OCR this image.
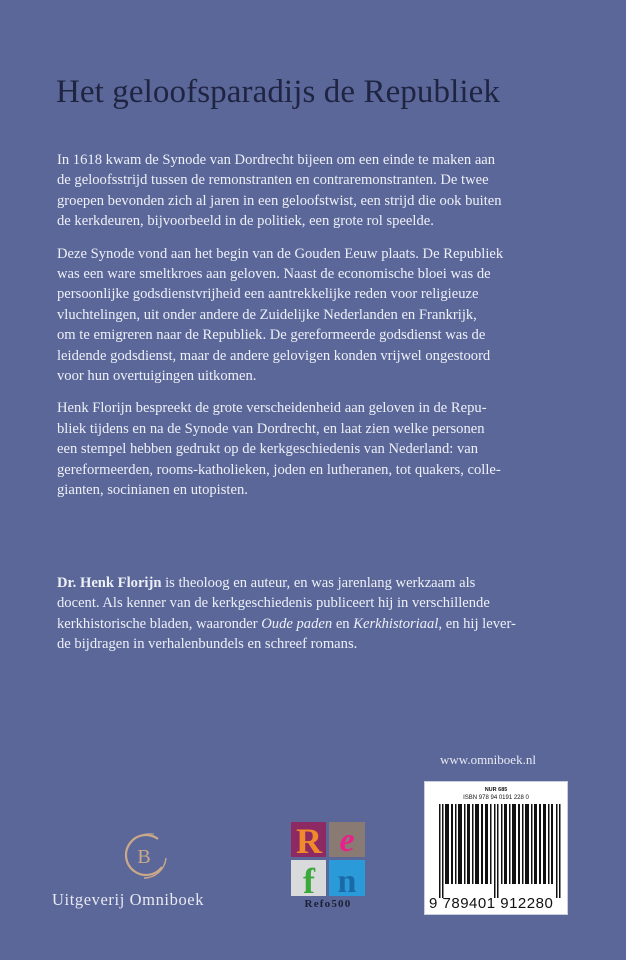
Het geloofsparadijs de Republiek

In 1618 kwam de Synode van Dordrecht bijeen om een einde te maken aan
de geloofsstrijd tussen de remonstranten en contraremonstranten. De twee
groepen bevonden zich al jaren in een geloofstwist, een strijd die ook buiten
de kerkdeuren, bijvoorbeeld in de politiek, een grote rol speelde.

Deze Synode vond aan het begin van de Gouden Eeuw plaats. De Republiek
was een ware smeltkroes aan geloven. Naast de economische bloei was de
persoonlijke godsdienstvrijheid een aantrekkelijke reden voor religieuze
vluchtelingen, uit onder andere de Zuidelijke Nederlanden en Frankrijk,
om te emigreren naar de Republiek. De gereformeerde godsdienst was de
leidende godsdienst, maar de andere gelovigen konden vrijwel ongestoord
voor hun overtuigingen uitkomen.

Henk Florijn bespreekt de grote verscheidenheid aan geloven in de Repu-
bliek tijdens en na de Synode van Dordrecht, en laat zien welke personen
een stempel hebben gedrukt op de kerkgeschiedenis van Nederland: van
gereformeerden, rooms-katholieken, joden en lutheranen, tot quakers, colle-
gianten, socinianen en utopisten.

Dr. Henk Florijn is theoloog en auteur, en was jarenlang werkzaam als
docent. Als kenner van de kerkgeschiedenis publiceert hij in verschillende
kerkhistorische bladen, waaronder Oude paden en Kerkhistoriaal, en hij lever-
de bijdragen in verhalenbundels en schreef romans.
www.omniboek.nl
NUR 685
ISBN 978 94 0191 228 0
9 789401 912280
B
Uitgeverij Omniboek
R e
f n
Refo500
